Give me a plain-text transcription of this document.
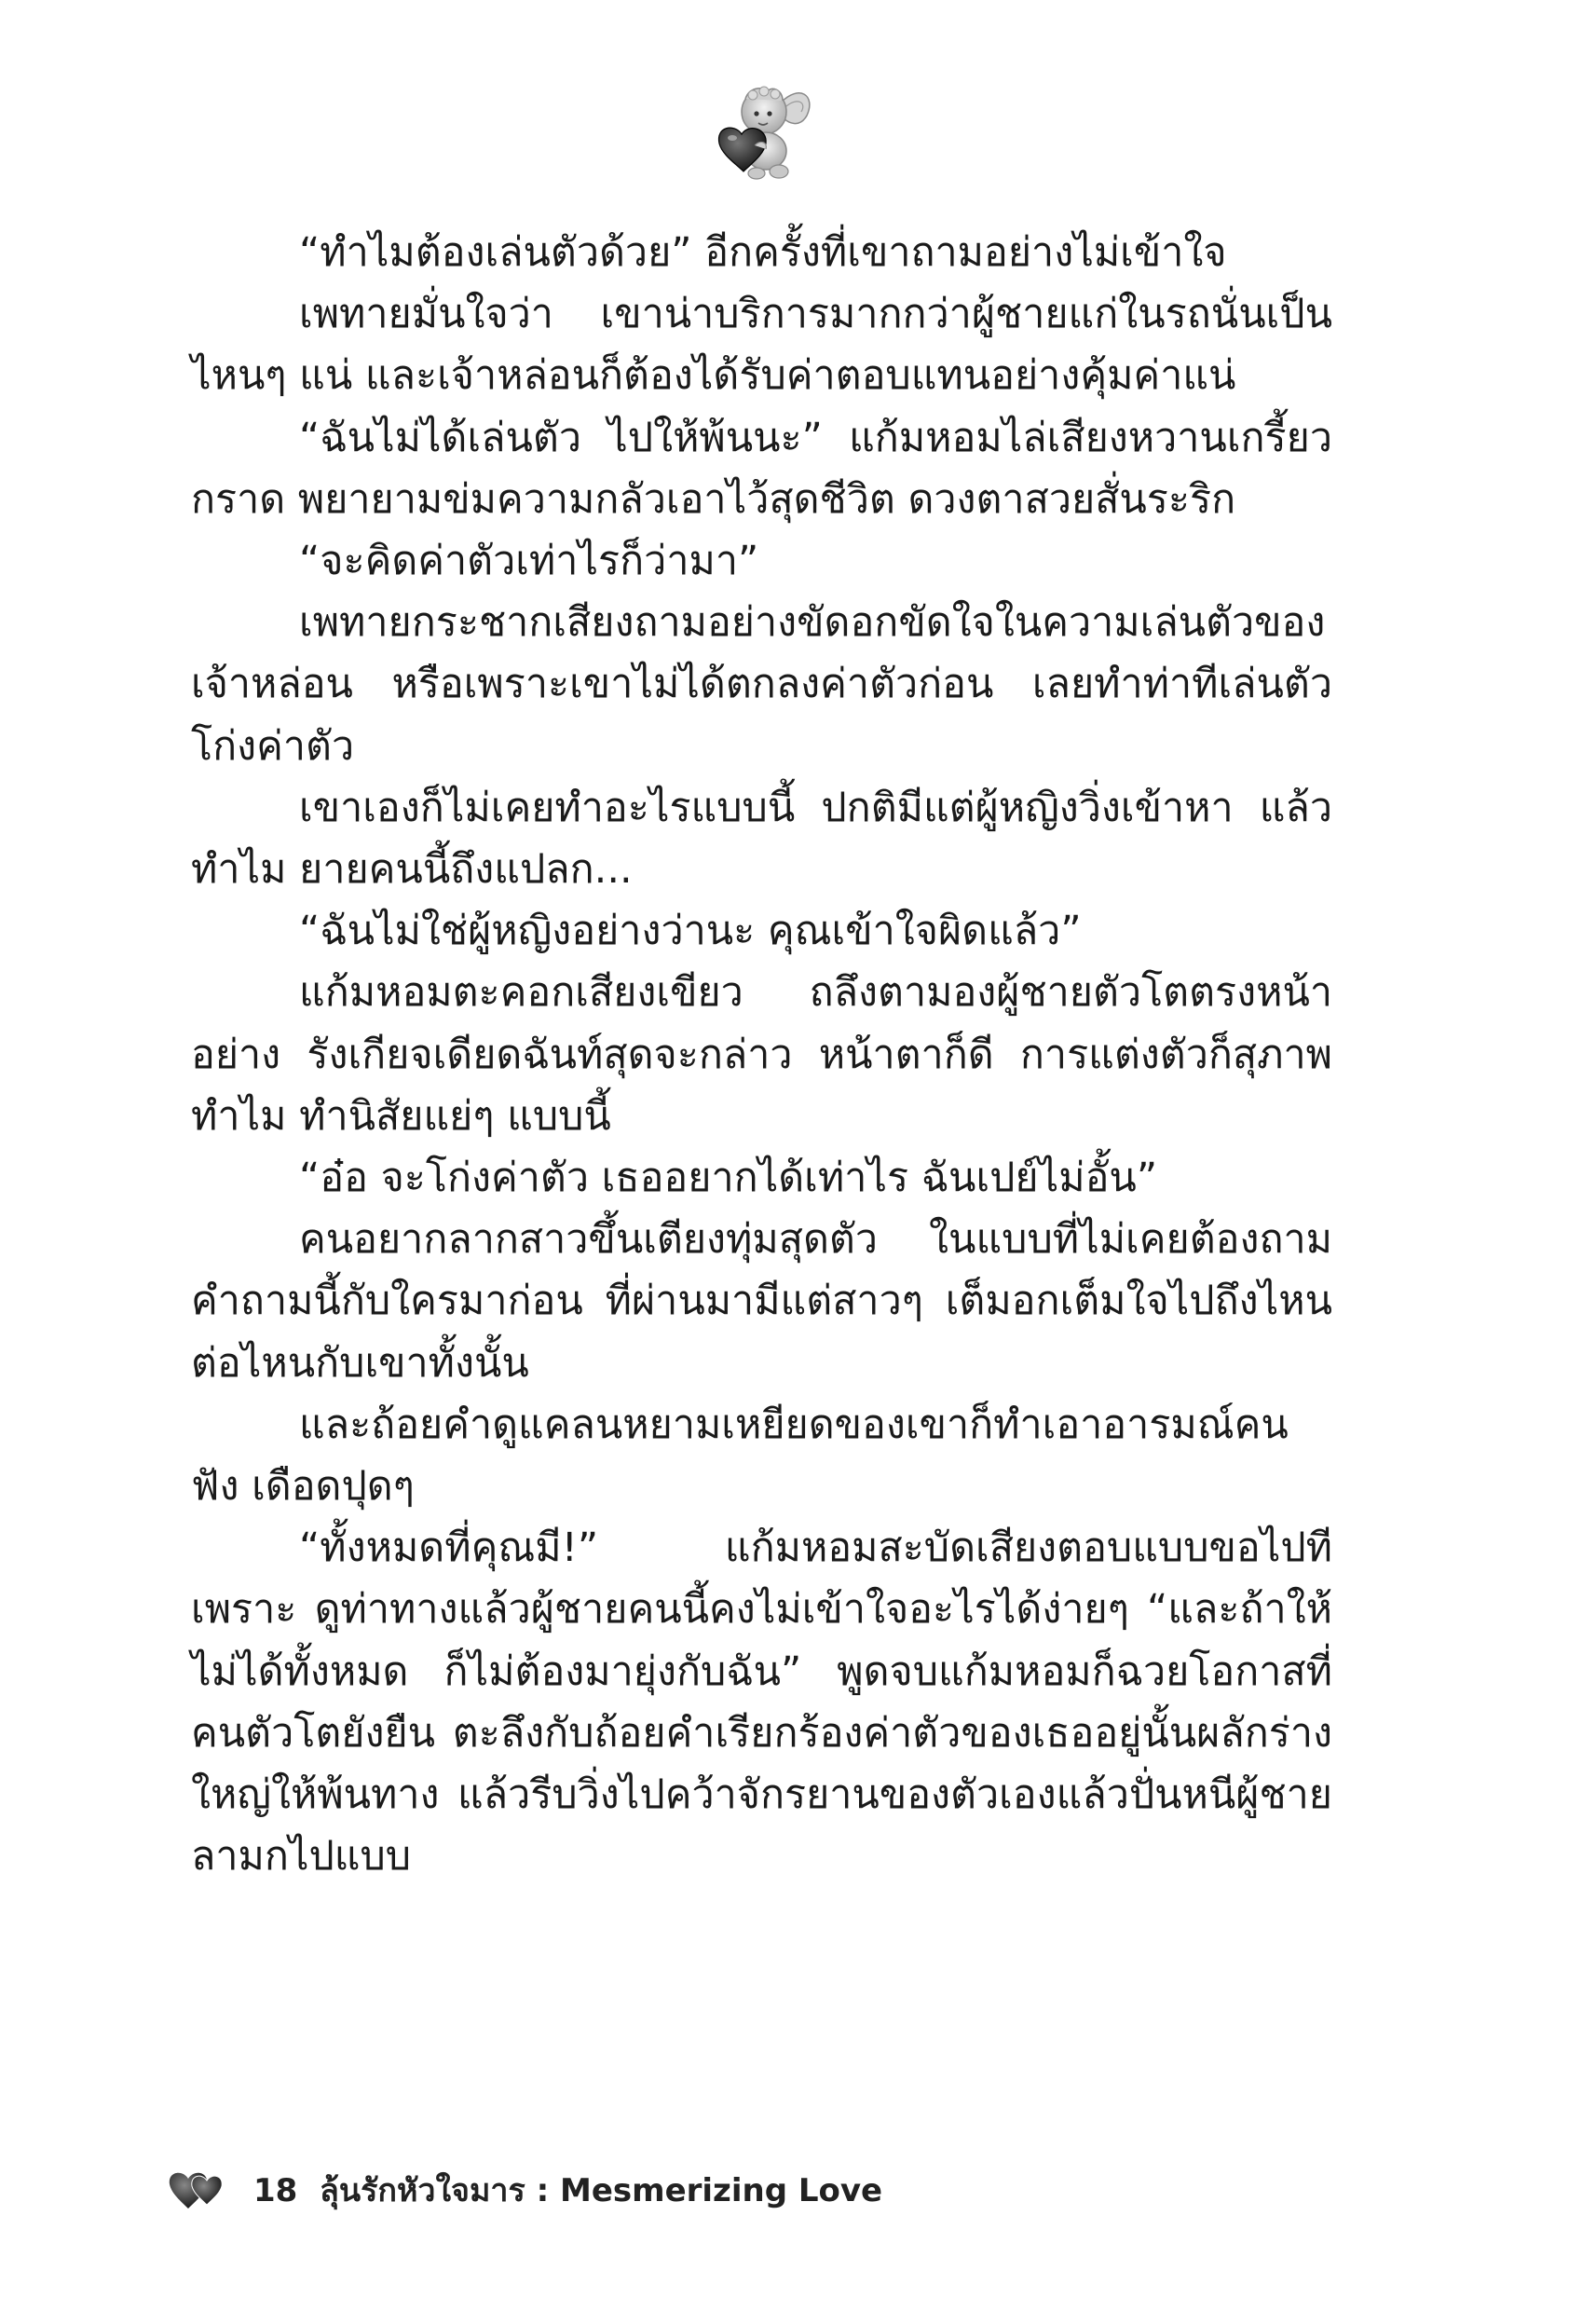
“ทำไมต้องเล่นตัวด้วย” อีกครั้งที่เขาถามอย่างไม่เข้าใจ

เพทายมั่นใจว่า เขาน่าบริการมากกว่าผู้ชายแก่ในรถนั่นเป็นไหนๆ แน่ และเจ้าหล่อนก็ต้องได้รับค่าตอบแทนอย่างคุ้มค่าแน่

“ฉันไม่ได้เล่นตัว ไปให้พ้นนะ” แก้มหอมไล่เสียงหวานเกรี้ยวกราด พยายามข่มความกลัวเอาไว้สุดชีวิต ดวงตาสวยสั่นระริก

“จะคิดค่าตัวเท่าไรก็ว่ามา”

เพทายกระชากเสียงถามอย่างขัดอกขัดใจในความเล่นตัวของ เจ้าหล่อน หรือเพราะเขาไม่ได้ตกลงค่าตัวก่อน เลยทำท่าทีเล่นตัว โก่งค่าตัว

เขาเองก็ไม่เคยทำอะไรแบบนี้ ปกติมีแต่ผู้หญิงวิ่งเข้าหา แล้วทำไม ยายคนนี้ถึงแปลก...

“ฉันไม่ใช่ผู้หญิงอย่างว่านะ คุณเข้าใจผิดแล้ว”

แก้มหอมตะคอกเสียงเขียว ถลึงตามองผู้ชายตัวโตตรงหน้าอย่าง รังเกียจเดียดฉันท์สุดจะกล่าว หน้าตาก็ดี การแต่งตัวก็สุภาพ ทำไม ทำนิสัยแย่ๆ แบบนี้

“อ๋อ จะโก่งค่าตัว เธออยากได้เท่าไร ฉันเปย์ไม่อั้น”

คนอยากลากสาวขึ้นเตียงทุ่มสุดตัว ในแบบที่ไม่เคยต้องถาม คำถามนี้กับใครมาก่อน ที่ผ่านมามีแต่สาวๆ เต็มอกเต็มใจไปถึงไหน ต่อไหนกับเขาทั้งนั้น

และถ้อยคำดูแคลนหยามเหยียดของเขาก็ทำเอาอารมณ์คนฟัง เดือดปุดๆ

“ทั้งหมดที่คุณมี!” แก้มหอมสะบัดเสียงตอบแบบขอไปที เพราะ ดูท่าทางแล้วผู้ชายคนนี้คงไม่เข้าใจอะไรได้ง่ายๆ “และถ้าให้ไม่ได้ทั้งหมด ก็ไม่ต้องมายุ่งกับฉัน” พูดจบแก้มหอมก็ฉวยโอกาสที่คนตัวโตยังยืน ตะลึงกับถ้อยคำเรียกร้องค่าตัวของเธออยู่นั้นผลักร่างใหญ่ให้พ้นทาง แล้วรีบวิ่งไปคว้าจักรยานของตัวเองแล้วปั่นหนีผู้ชายลามกไปแบบ

18 ลุ้นรักหัวใจมาร : Mesmerizing Love
